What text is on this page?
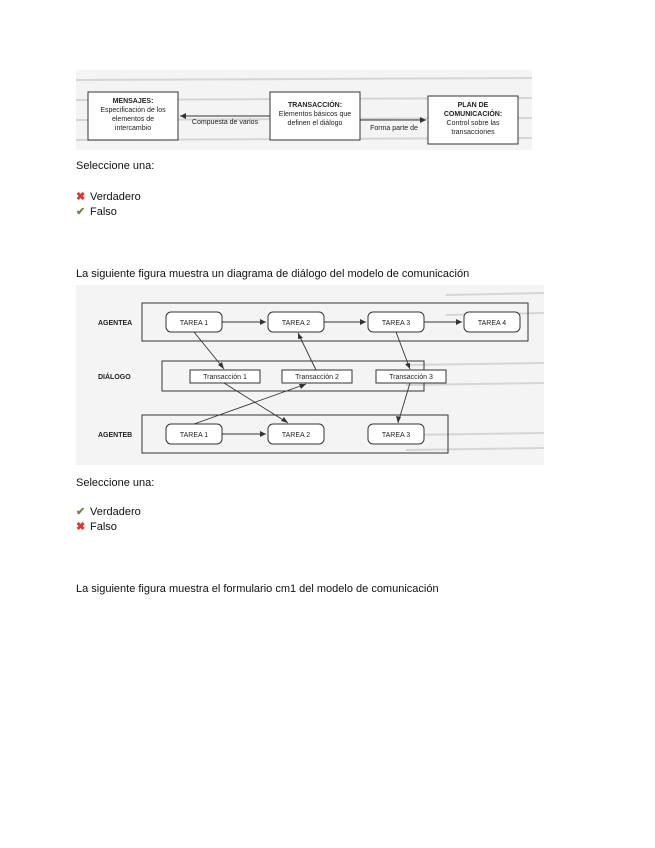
MENSAJES:
Especificación de los
elementos de
intercambio
TRANSACCIÓN:
Elementos básicos que
definen el diálogo
PLAN DE
COMUNICACIÓN:
Control sobre las
transacciones
Compuesta de varios
Forma parte de
Seleccione una:
✖ Verdadero
✔ Falso
La siguiente figura muestra un diagrama de diálogo del modelo de comunicación
AGENTEA
DIÁLOGO
AGENTEB
TAREA 1	TAREA 2	TAREA 3	TAREA 4
Transacción 1	Transacción 2	Transacción 3
TAREA 1	TAREA 2	TAREA 3
Seleccione una:
✔ Verdadero
✖ Falso
La siguiente figura muestra el formulario cm1 del modelo de comunicación
